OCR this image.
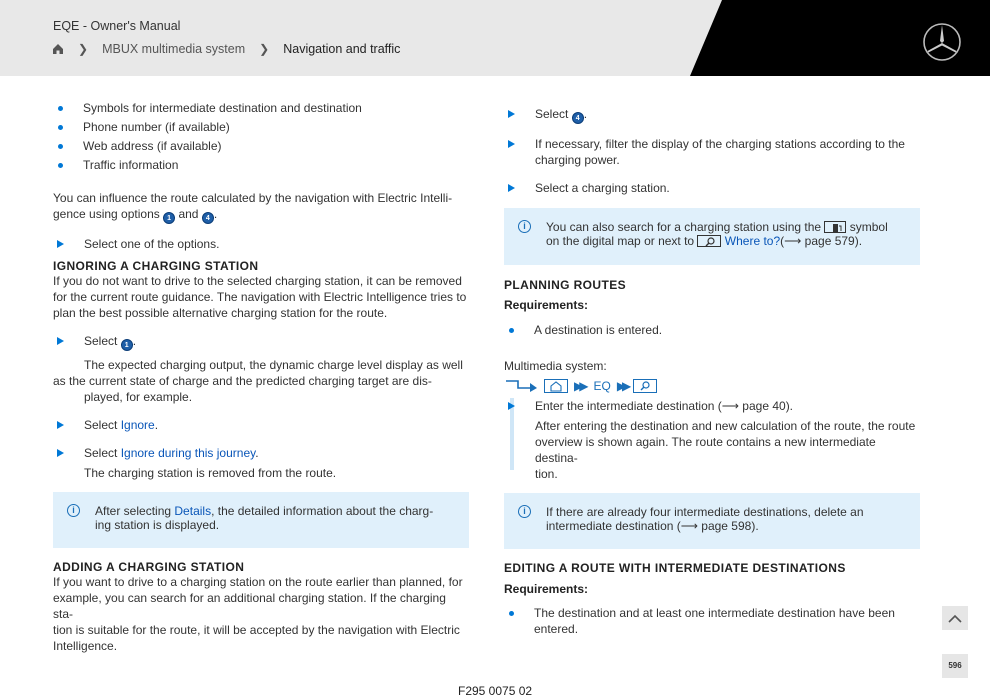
EQE - Owner's Manual
❯ MBUX multimedia system ❯ Navigation and traffic
Symbols for intermediate destination and destination
Phone number (if available)
Web address (if available)
Traffic information

You can influence the route calculated by the navigation with Electric Intelli-
gence using options 1 and 4 .

Select one of the options.
IGNORING A CHARGING STATION

If you do not want to drive to the selected charging station, it can be removed
for the current route guidance. The navigation with Electric Intelligence tries to
plan the best possible alternative charging station for the route.

Select 1 .
The expected charging output, the dynamic charge level display as well

as the current state of charge and the predicted charging target are dis-
played, for example.

Select Ignore.
Select Ignore during this journey.
The charging station is removed from the route.
i	After selecting Details, the detailed information about the charg-
ing station is displayed.
ADDING A CHARGING STATION

If you want to drive to a charging station on the route earlier than planned, for
example, you can search for an additional charging station. If the charging sta-
tion is suitable for the route, it will be accepted by the navigation with Electric
Intelligence.

Select 4 .
If necessary, filter the display of the charging stations according to the
charging power.
Select a charging station.
i	You can also search for a charging station using the symbol
on the digital map or next to	Where to?(⟶ page 579).
PLANNING ROUTES
Requirements:
A destination is entered.

Multimedia system:

▶▶ EQ ▶▶
Enter the intermediate destination (⟶ page 40).
After entering the destination and new calculation of the route, the route
overview is shown again. The route contains a new intermediate destina-
tion.
i	If there are already four intermediate destinations, delete an
intermediate destination (⟶ page 598).
EDITING A ROUTE WITH INTERMEDIATE DESTINATIONS
Requirements:
The destination and at least one intermediate destination have been
entered.
596
F295 0075 02
